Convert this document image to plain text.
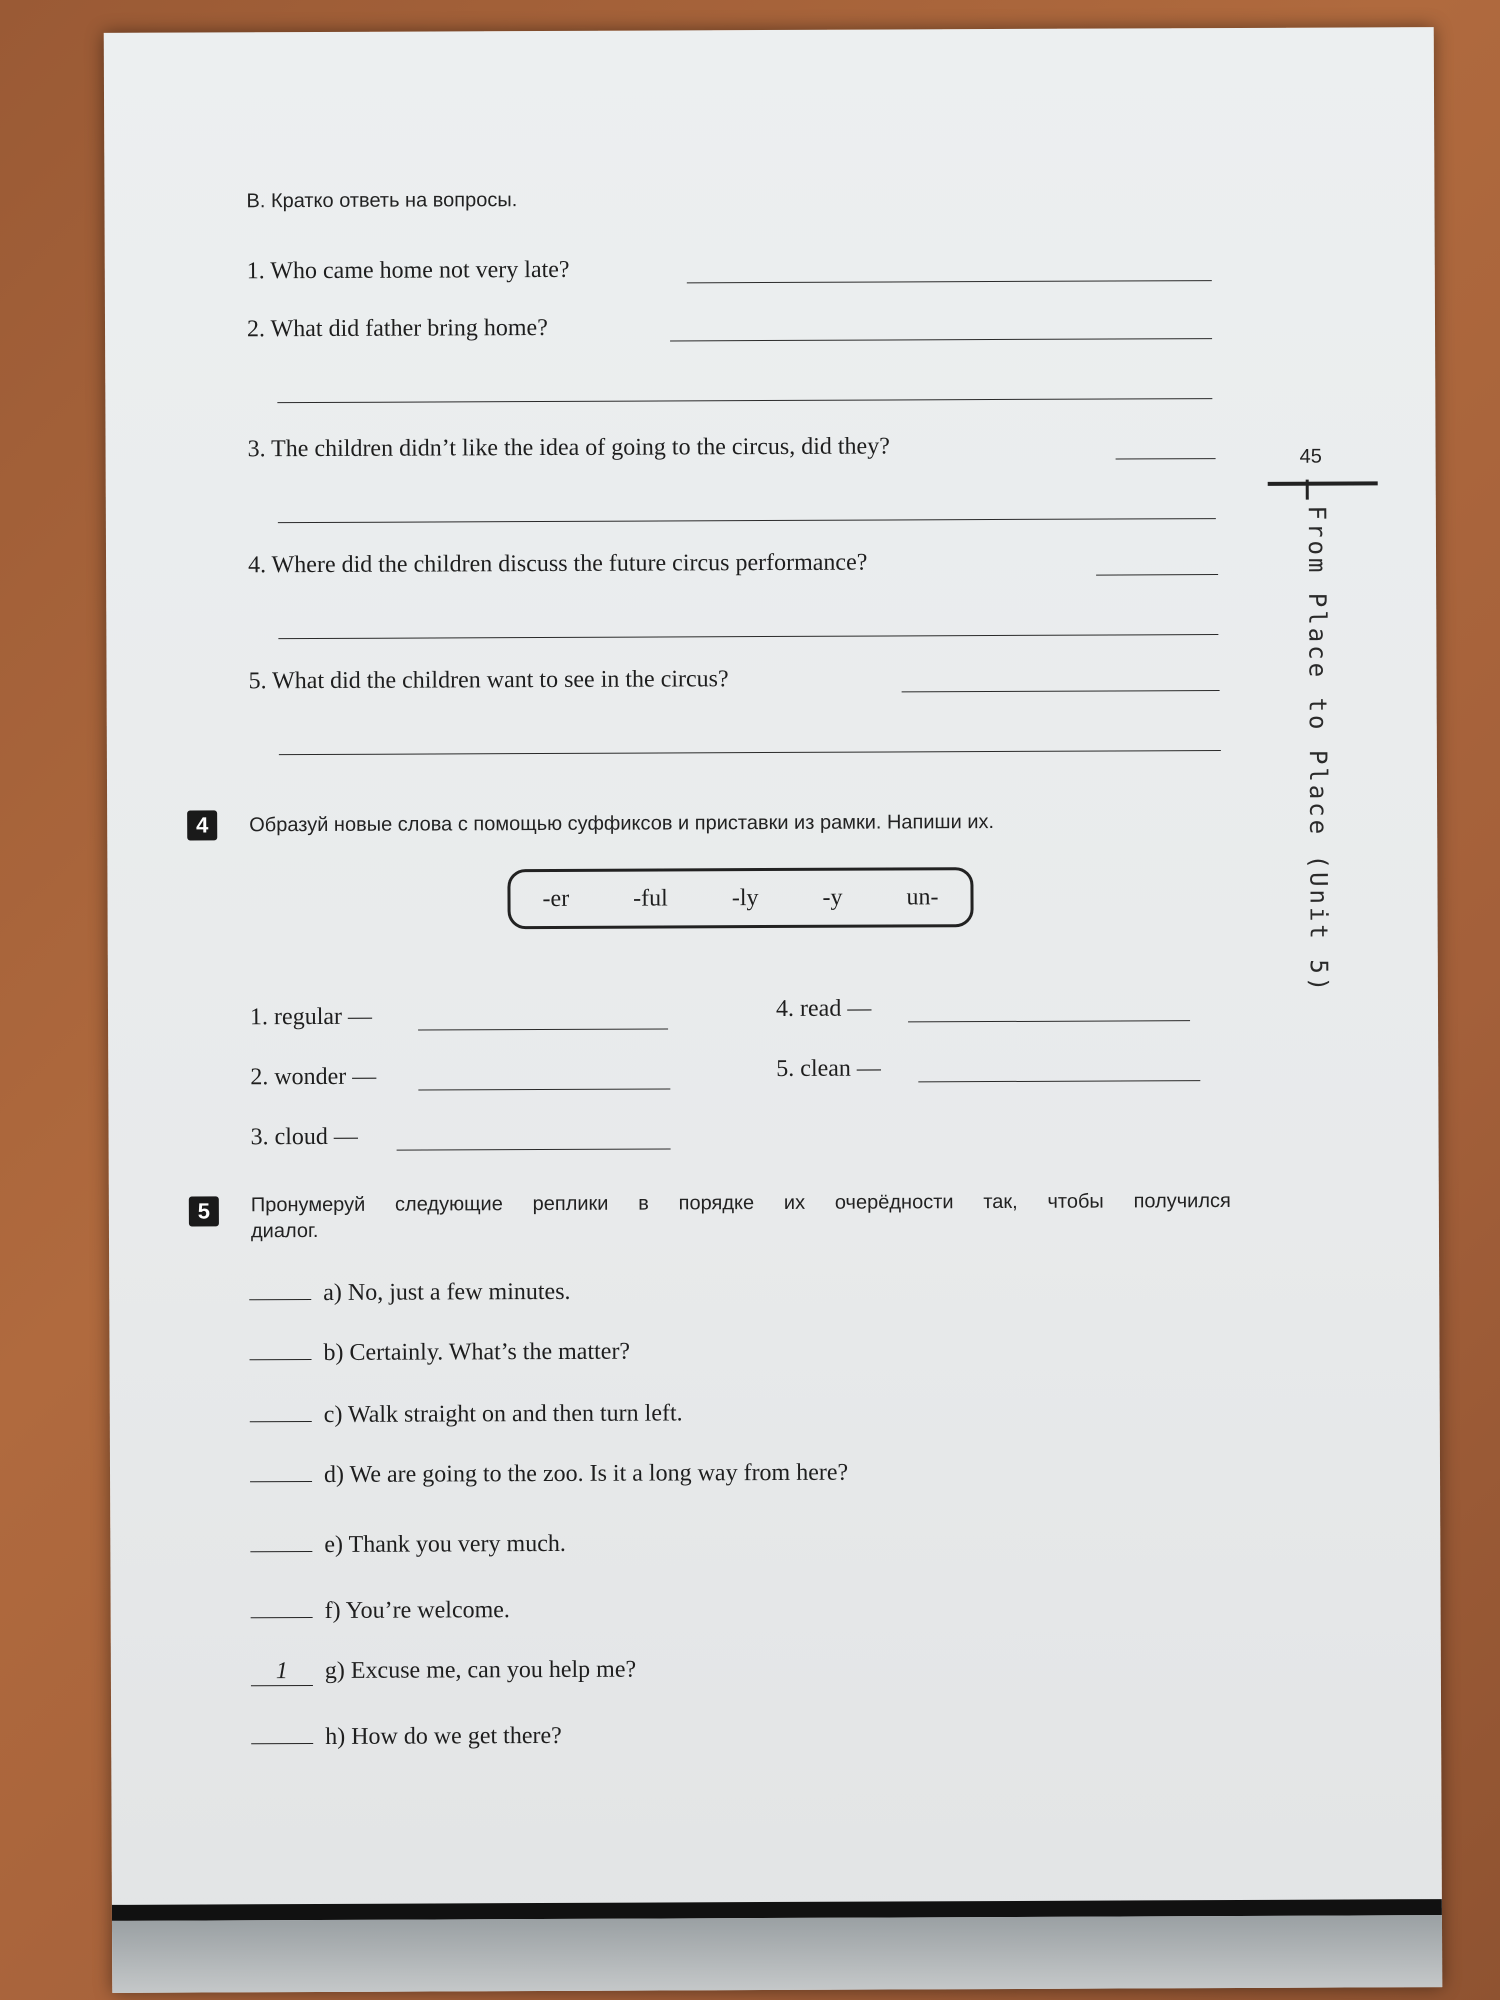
B. Кратко ответь на вопросы.
1. Who came home not very late?
2. What did father bring home?
3. The children didn’t like the idea of going to the circus, did they?
4. Where did the children discuss the future circus performance?
5. What did the children want to see in the circus?
4	Образуй новые слова с помощью суффиксов и приставки из рамки. Напиши их.
-er	-ful	-ly	-y	un-
1. regular —
2. wonder —
3. cloud —
4. read —
5. clean —
5	Пронумеруй следующие реплики в порядке их очерёдности так, чтобы получился
диалог.
a) No, just a few minutes.
b) Certainly. What’s the matter?
c) Walk straight on and then turn left.
d) We are going to the zoo. Is it a long way from here?
e) Thank you very much.
f) You’re welcome.
1 g) Excuse me, can you help me?
h) How do we get there?
45
From Place to Place (Unit 5)
